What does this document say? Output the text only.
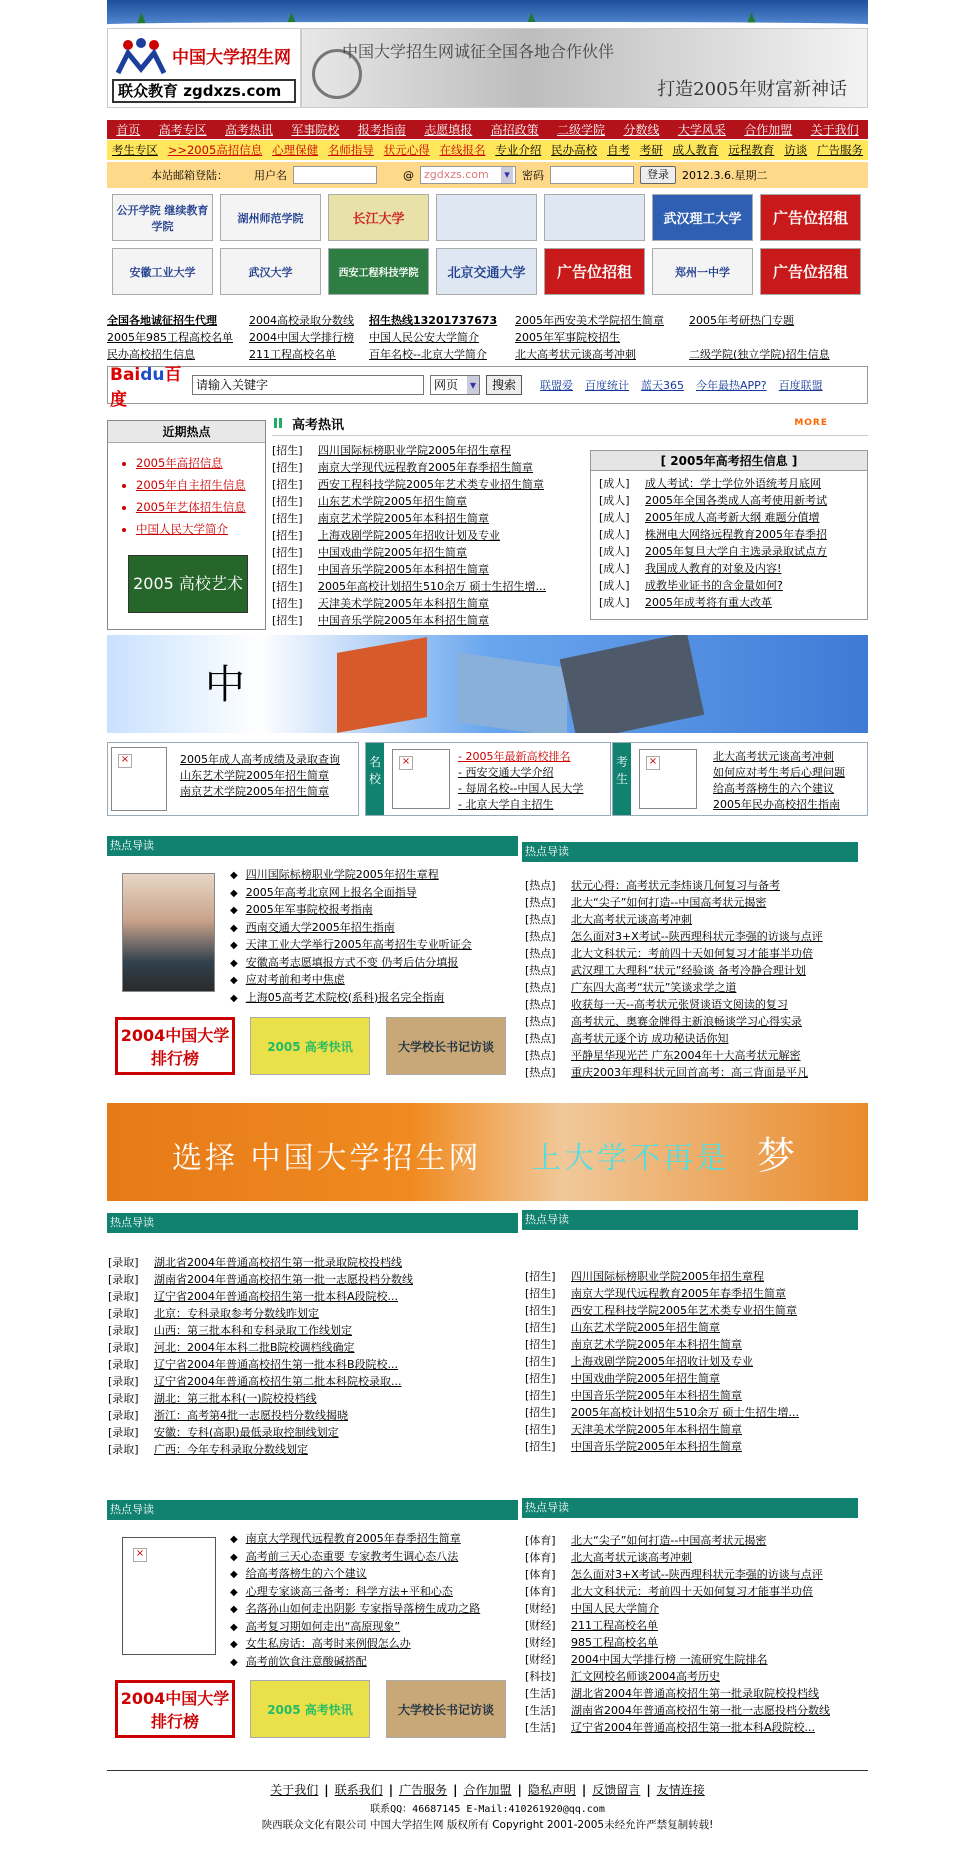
中国大学招生网
联众教育 zgdxzs.com
中国大学招生网诚征全国各地合作伙伴
打造2005年财富新神话
首页 高考专区 高考热讯 军事院校 报考指南 志愿填报 高招政策 二级学院 分数线 大学风采 合作加盟 关于我们
考生专区 >>2005高招信息 心理保健 名师指导 状元心得 在线报名 专业介绍 民办高校 自考 考研 成人教育 远程教育 访谈 广告服务
本站邮箱登陆： 用户名	@ zgdxzs.com ▾	密码	登录	2012.3.6.星期二
公开学院 继续教育学院
湖州师范学院	长江大学	武汉理工大学	广告位招租
安徽工业大学	武汉大学	西安工程科技学院	北京交通大学	广告位招租	郑州一中学	广告位招租
全国各地诚征招生代理	2004高校录取分数线	招生热线13201737673	2005年西安美术学院招生简章	2005年考研热门专题
2005年985工程高校名单	2004中国大学排行榜	中国人民公安大学简介	2005年军事院校招生
民办高校招生信息	211工程高校名单	百年名校--北京大学简介	北大高考状元谈高考冲刺	二级学院(独立学院)招生信息
Baidu百度
请输入关键字	网页 ▾	搜索	联盟爱 百度统计 蓝天365 今年最热APP? 百度联盟
近期热点
• 2005年高招信息
• 2005年自主招生信息
• 2005年艺体招生信息
• 中国人民大学简介
2005 高校艺术
高考热讯	MORE
[招生] 四川国际标榜职业学院2005年招生章程
[招生] 南京大学现代远程教育2005年春季招生简章
[招生] 西安工程科技学院2005年艺术类专业招生简章
[招生] 山东艺术学院2005年招生简章
[招生] 南京艺术学院2005年本科招生简章
[招生] 上海戏剧学院2005年招收计划及专业
[招生] 中国戏曲学院2005年招生简章
[招生] 中国音乐学院2005年本科招生简章
[招生] 2005年高校计划招生510余万 硕士生招生增...
[招生] 天津美术学院2005年本科招生简章
[招生] 中国音乐学院2005年本科招生简章
[ 2005年高考招生信息 ]
[成人] 成人考试：学士学位外语统考月底网
[成人] 2005年全国各类成人高考使用新考试
[成人] 2005年成人高考新大纲 难题分值增
[成人] 株洲电大网络远程教育2005年春季招
[成人] 2005年复旦大学自主选录录取试点方
[成人] 我国成人教育的对象及内容!
[成人] 成教毕业证书的含金量如何?
[成人] 2005年成考将有重大改革
中
×
2005年成人高考成绩及录取查询
山东艺术学院2005年招生简章
南京艺术学院2005年招生简章
名校
×
- 2005年最新高校排名
- 西安交通大学介绍
- 每周名校--中国人民大学
- 北京大学自主招生
考生
×
北大高考状元谈高考冲刺
如何应对考生考后心理问题
给高考落榜生的六个建议
2005年民办高校招生指南
热点导读	热点导读
◆ 四川国际标榜职业学院2005年招生章程
◆ 2005年高考北京网上报名全面指导
◆ 2005年军事院校报考指南
◆ 西南交通大学2005年招生指南
◆ 天津工业大学举行2005年高考招生专业听证会
◆ 安徽高考志愿填报方式不变 仍考后估分填报
◆ 应对考前和考中焦虑
◆ 上海05高考艺术院校(系科)报名完全指南
[热点] 状元心得：高考状元李炜谈几何复习与备考
[热点] 北大“尖子”如何打造--中国高考状元揭密
[热点] 北大高考状元谈高考冲刺
[热点] 怎么面对3+X考试--陕西理科状元李强的访谈与点评
[热点] 北大文科状元：考前四十天如何复习才能事半功倍
[热点] 武汉理工大理科“状元”经验谈 备考冷静合理计划
[热点] 广东四大高考“状元”笑谈求学之道
[热点] 收获每一天--高考状元张贤谈语文阅读的复习
[热点] 高考状元、奥赛金牌得主新浪畅谈学习心得实录
[热点] 高考状元逐个访 成功秘诀话你知
[热点] 平静星华现光芒 广东2004年十大高考状元解密
[热点] 重庆2003年理科状元回首高考：高三背面是平凡
2004中国大学排行榜
2005 高考快讯	大学校长书记访谈
选择 中国大学招生网 上大学不再是 梦
热点导读	热点导读
[录取] 湖北省2004年普通高校招生第一批录取院校投档线
[录取] 湖南省2004年普通高校招生第一批一志愿投档分数线
[录取] 辽宁省2004年普通高校招生第一批本科A段院校...
[录取] 北京：专科录取参考分数线昨划定
[录取] 山西：第三批本科和专科录取工作线划定
[录取] 河北：2004年本科二批B院校调档线确定
[录取] 辽宁省2004年普通高校招生第一批本科B段院校...
[录取] 辽宁省2004年普通高校招生第二批本科院校录取...
[录取] 湖北：第三批本科(一)院校投档线
[录取] 浙江：高考第4批一志愿投档分数线揭晓
[录取] 安徽：专科(高职)最低录取控制线划定
[录取] 广西：今年专科录取分数线划定
[招生] 四川国际标榜职业学院2005年招生章程
[招生] 南京大学现代远程教育2005年春季招生简章
[招生] 西安工程科技学院2005年艺术类专业招生简章
[招生] 山东艺术学院2005年招生简章
[招生] 南京艺术学院2005年本科招生简章
[招生] 上海戏剧学院2005年招收计划及专业
[招生] 中国戏曲学院2005年招生简章
[招生] 中国音乐学院2005年本科招生简章
[招生] 2005年高校计划招生510余万 硕士生招生增...
[招生] 天津美术学院2005年本科招生简章
[招生] 中国音乐学院2005年本科招生简章
热点导读	热点导读
×
◆ 南京大学现代远程教育2005年春季招生简章
◆ 高考前三天心态重要 专家教考生调心态八法
◆ 给高考落榜生的六个建议
◆ 心理专家谈高三备考：科学方法+平和心态
◆ 名落孙山如何走出阴影 专家指导落榜生成功之路
◆ 高考复习期如何走出“高原现象”
◆ 女生私房话：高考时来例假怎么办
◆ 高考前饮食注意酸碱搭配
[体育] 北大“尖子”如何打造--中国高考状元揭密
[体育] 北大高考状元谈高考冲刺
[体育] 怎么面对3+X考试--陕西理科状元李强的访谈与点评
[体育] 北大文科状元：考前四十天如何复习才能事半功倍
[财经] 中国人民大学简介
[财经] 211工程高校名单
[财经] 985工程高校名单
[财经] 2004中国大学排行榜 一流研究生院排名
[科技] 汇文网校名师谈2004高考历史
[生活] 湖北省2004年普通高校招生第一批录取院校投档线
[生活] 湖南省2004年普通高校招生第一批一志愿投档分数线
[生活] 辽宁省2004年普通高校招生第一批本科A段院校...
2004中国大学排行榜
2005 高考快讯	大学校长书记访谈
关于我们 | 联系我们 | 广告服务 | 合作加盟 | 隐私声明 | 反馈留言 | 友情连接
联系QQ：46687145 E-Mail:410261920@qq.com
陕西联众文化有限公司 中国大学招生网 版权所有 Copyright 2001-2005未经允许严禁复制转载!
